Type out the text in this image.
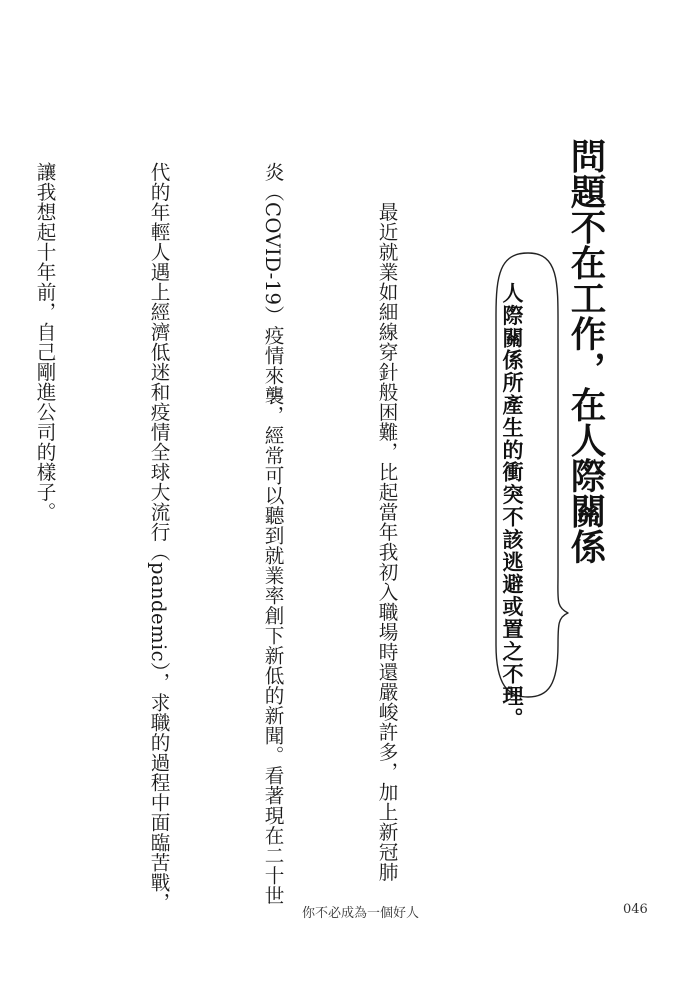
問題不在工作，在人際關係
人際關係所產生的衝突不該逃避或置之不理。

　　最近就業如細線穿針般困難，比起當年我初入職場時還嚴峻許多，加上新冠肺

炎（COVID-19）疫情來襲，經常可以聽到就業率創下新低的新聞。看著現在二十世

代的年輕人遇上經濟低迷和疫情全球大流行（pandemic），求職的過程中面臨苦戰，

讓我想起十年前，自己剛進公司的樣子。

你不必成為一個好人	046
